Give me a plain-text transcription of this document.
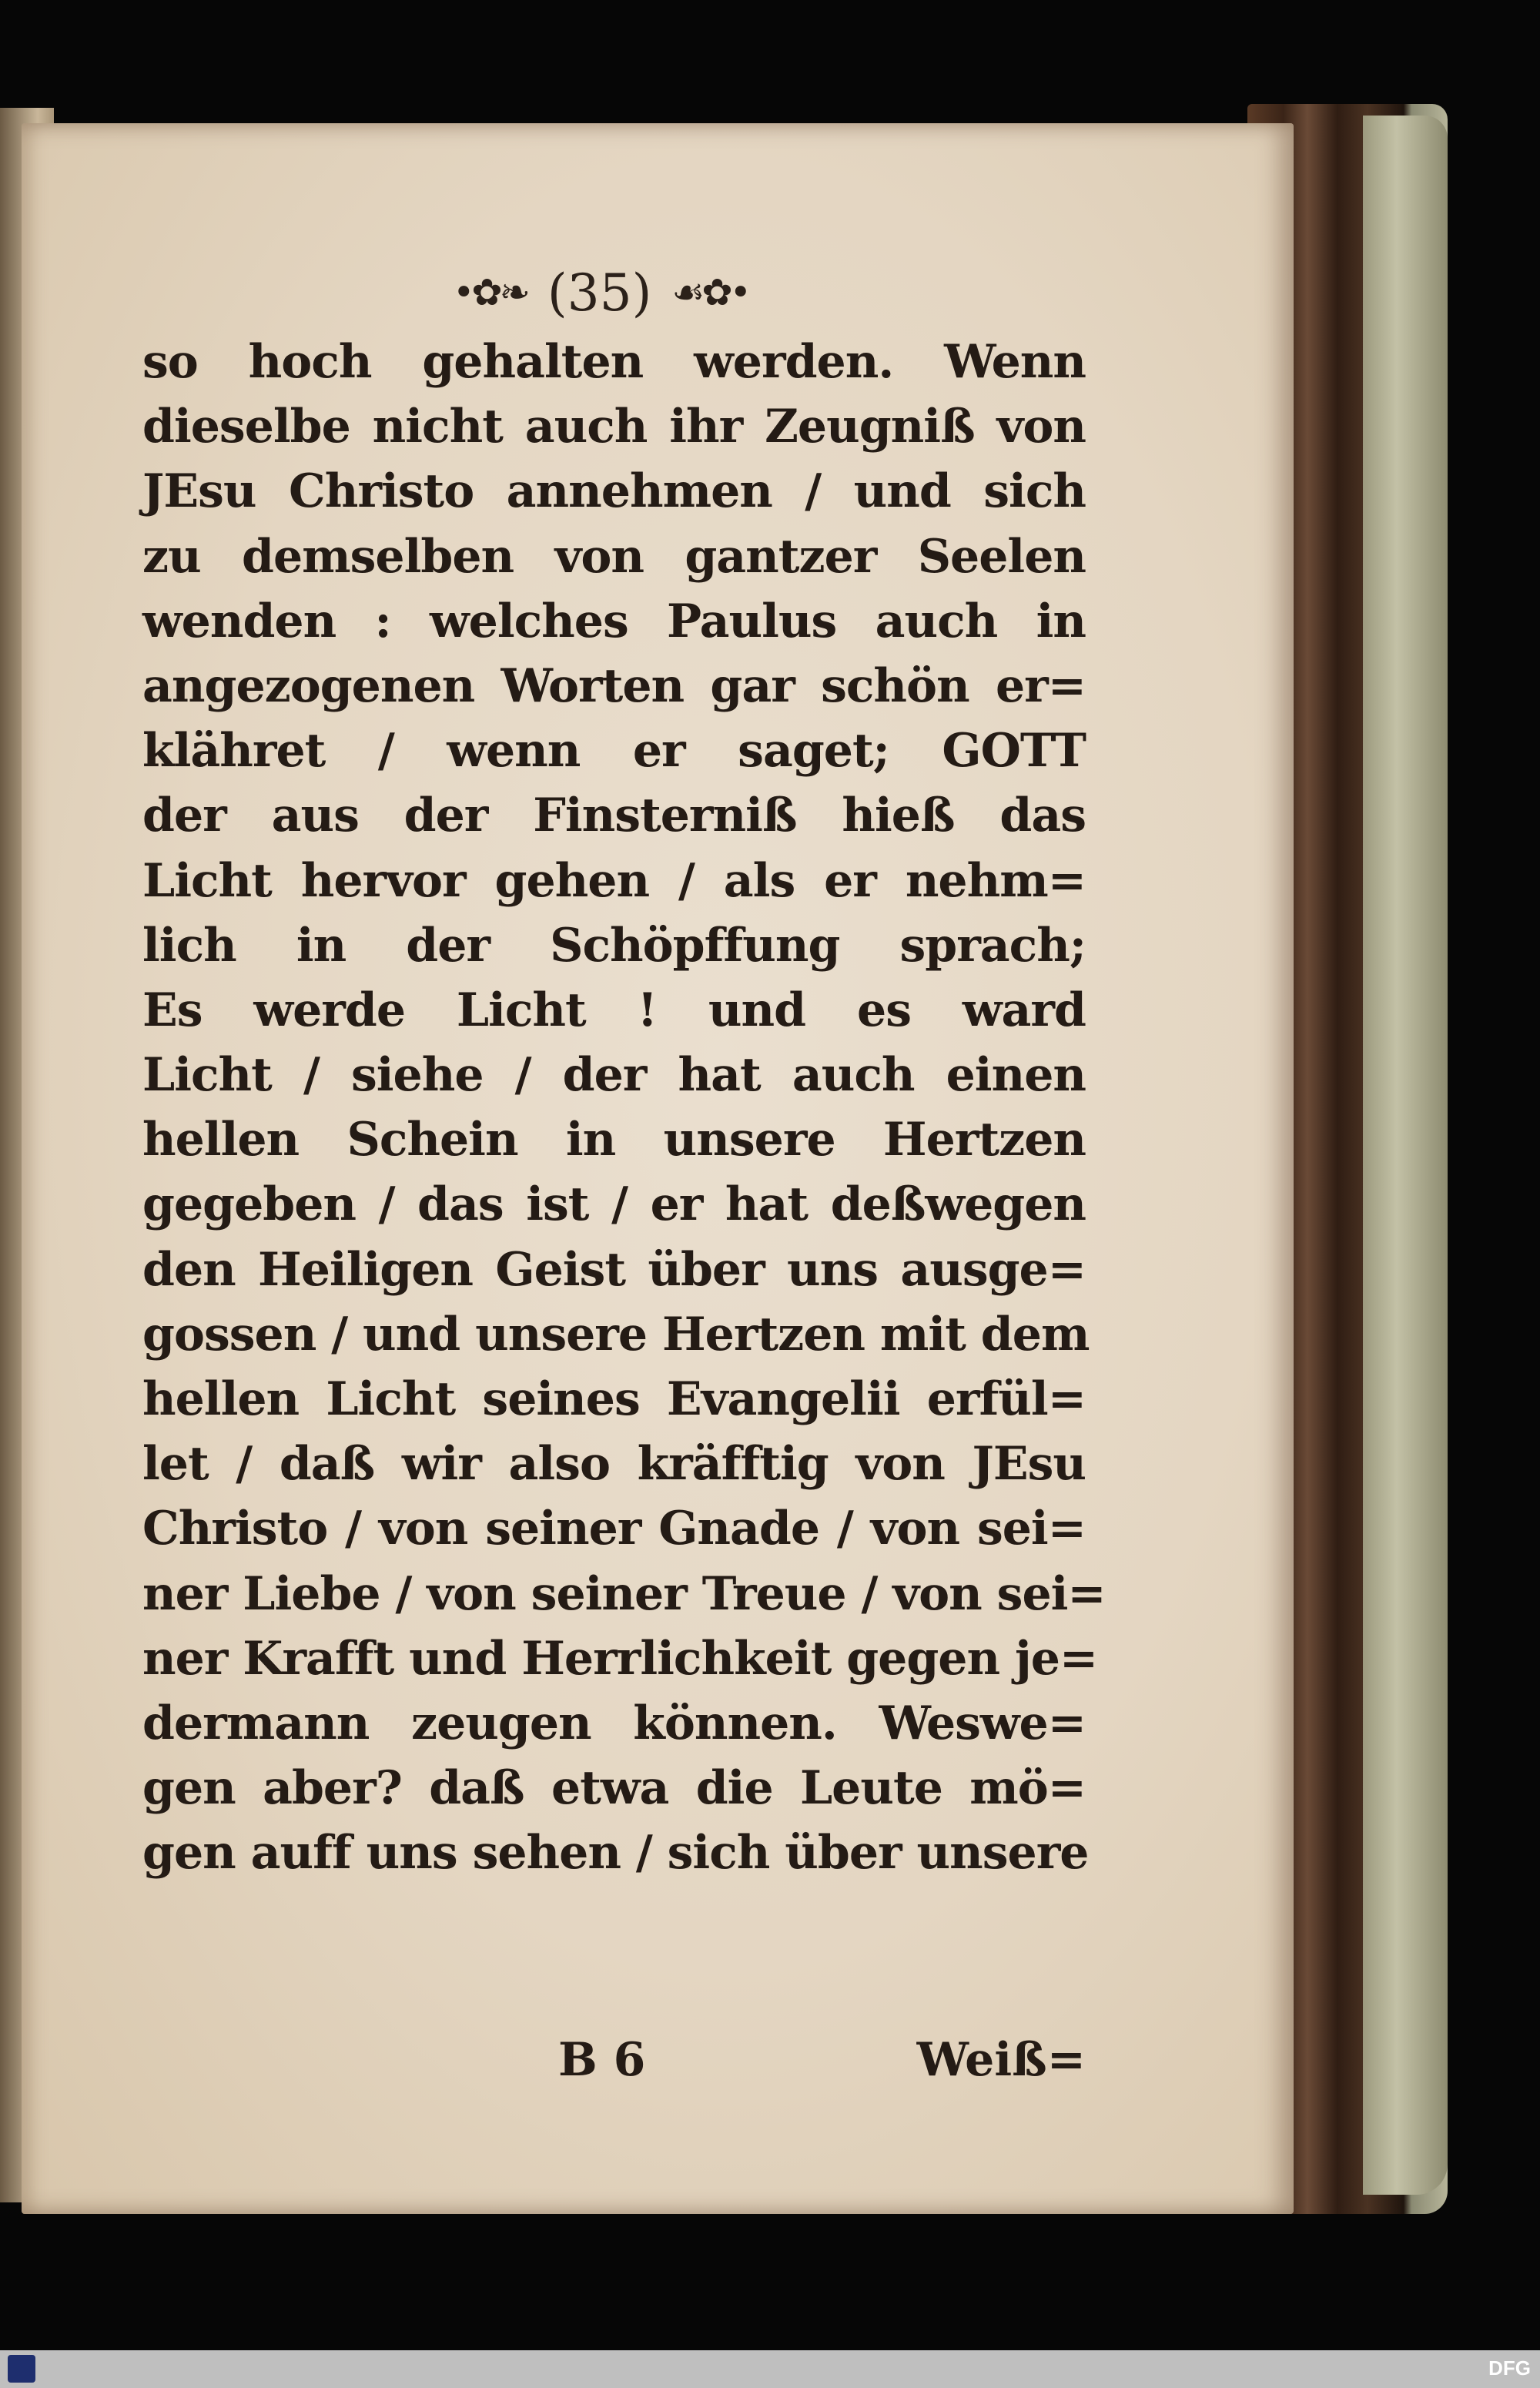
•✿❧ (35) ☙✿•
so hoch gehalten werden. Wenn
dieselbe nicht auch ihr Zeugniß von
JEsu Christo annehmen / und sich
zu demselben von gantzer Seelen
wenden : welches Paulus auch in
angezogenen Worten gar schön er=
klähret / wenn er saget; GOTT
der aus der Finsterniß hieß das
Licht hervor gehen / als er nehm=
lich in der Schöpffung sprach;
Es werde Licht ! und es ward
Licht / siehe / der hat auch einen
hellen Schein in unsere Hertzen
gegeben / das ist / er hat deßwegen
den Heiligen Geist über uns ausge=
gossen / und unsere Hertzen mit dem
hellen Licht seines Evangelii erfül=
let / daß wir also kräfftig von JEsu
Christo / von seiner Gnade / von sei=
ner Liebe / von seiner Treue / von sei=
ner Krafft und Herrlichkeit gegen je=
dermann zeugen können. Weswe=
gen aber? daß etwa die Leute mö=
gen auff uns sehen / sich über unsere
B 6	Weiß=
DFG
